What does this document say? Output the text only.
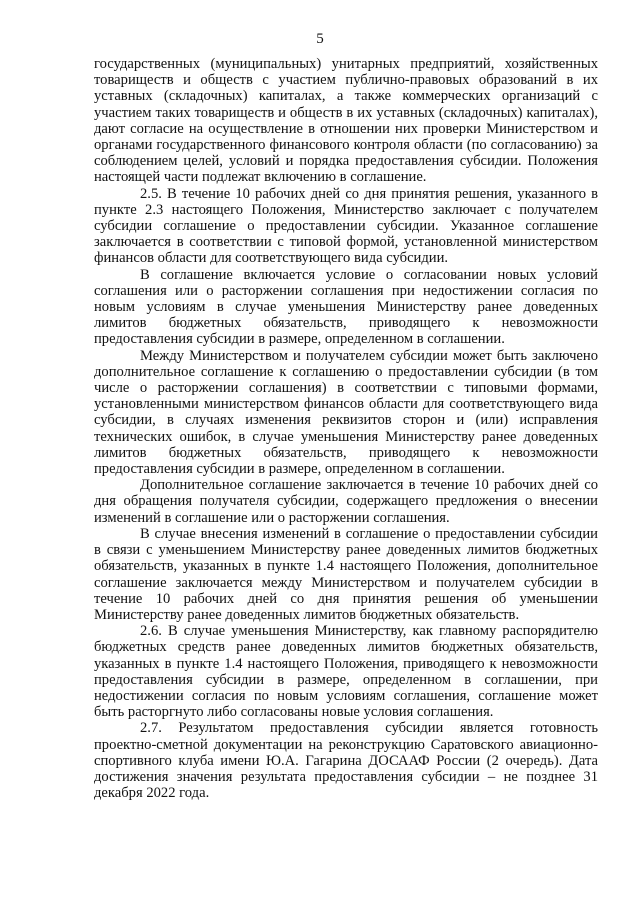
5

государственных (муниципальных) унитарных предприятий, хозяйственных товариществ и обществ с участием публично-правовых образований в их уставных (складочных) капиталах, а также коммерческих организаций с участием таких товариществ и обществ в их уставных (складочных) капиталах), дают согласие на осуществление в отношении них проверки Министерством и органами государственного финансового контроля области (по согласованию) за соблюдением целей, условий и порядка предоставления субсидии. Положения настоящей части подлежат включению в соглашение.

2.5. В течение 10 рабочих дней со дня принятия решения, указанного в пункте 2.3 настоящего Положения, Министерство заключает с получателем субсидии соглашение о предоставлении субсидии. Указанное соглашение заключается в соответствии с типовой формой, установленной министерством финансов области для соответствующего вида субсидии.

В соглашение включается условие о согласовании новых условий соглашения или о расторжении соглашения при недостижении согласия по новым условиям в случае уменьшения Министерству ранее доведенных лимитов бюджетных обязательств, приводящего к невозможности предоставления субсидии в размере, определенном в соглашении.

Между Министерством и получателем субсидии может быть заключено дополнительное соглашение к соглашению о предоставлении субсидии (в том числе о расторжении соглашения) в соответствии с типовыми формами, установленными министерством финансов области для соответствующего вида субсидии, в случаях изменения реквизитов сторон и (или) исправления технических ошибок, в случае уменьшения Министерству ранее доведенных лимитов бюджетных обязательств, приводящего к невозможности предоставления субсидии в размере, определенном в соглашении.

Дополнительное соглашение заключается в течение 10 рабочих дней со дня обращения получателя субсидии, содержащего предложения о внесении изменений в соглашение или о расторжении соглашения.

В случае внесения изменений в соглашение о предоставлении субсидии в связи с уменьшением Министерству ранее доведенных лимитов бюджетных обязательств, указанных в пункте 1.4 настоящего Положения, дополнительное соглашение заключается между Министерством и получателем субсидии в течение 10 рабочих дней со дня принятия решения об уменьшении Министерству ранее доведенных лимитов бюджетных обязательств.

2.6. В случае уменьшения Министерству, как главному распорядителю бюджетных средств ранее доведенных лимитов бюджетных обязательств, указанных в пункте 1.4 настоящего Положения, приводящего к невозможности предоставления субсидии в размере, определенном в соглашении, при недостижении согласия по новым условиям соглашения, соглашение может быть расторгнуто либо согласованы новые условия соглашения.

2.7. Результатом предоставления субсидии является готовность проектно-сметной документации на реконструкцию Саратовского авиационно-спортивного клуба имени Ю.А. Гагарина ДОСААФ России (2 очередь). Дата достижения значения результата предоставления субсидии – не позднее 31 декабря 2022 года.
